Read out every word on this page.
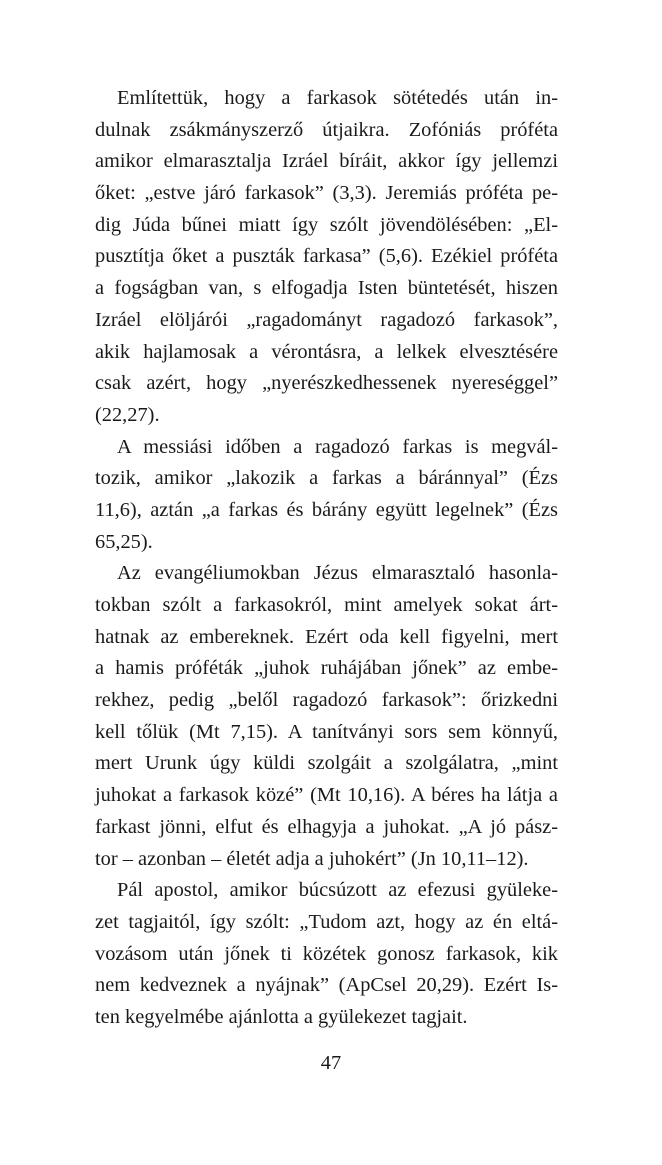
Említettük, hogy a farkasok sötétedés után in-
dulnak zsákmányszerző útjaikra. Zofóniás próféta
amikor elmarasztalja Izráel bíráit, akkor így jellemzi
őket: „estve járó farkasok” (3,3). Jeremiás próféta pe-
dig Júda bűnei miatt így szólt jövendölésében: „El-
pusztítja őket a puszták farkasa” (5,6). Ezékiel próféta
a fogságban van, s elfogadja Isten büntetését, hiszen
Izráel elöljárói „ragadományt ragadozó farkasok”,
akik hajlamosak a vérontásra, a lelkek elvesztésére
csak azért, hogy „nyerészkedhessenek nyereséggel”
(22,27).
A messiási időben a ragadozó farkas is megvál-
tozik, amikor „lakozik a farkas a báránnyal” (Ézs
11,6), aztán „a farkas és bárány együtt legelnek” (Ézs
65,25).
Az evangéliumokban Jézus elmarasztaló hasonla-
tokban szólt a farkasokról, mint amelyek sokat árt-
hatnak az embereknek. Ezért oda kell figyelni, mert
a hamis próféták „juhok ruhájában jőnek” az embe-
rekhez, pedig „belől ragadozó farkasok”: őrizkedni
kell tőlük (Mt 7,15). A tanítványi sors sem könnyű,
mert Urunk úgy küldi szolgáit a szolgálatra, „mint
juhokat a farkasok közé” (Mt 10,16). A béres ha látja a
farkast jönni, elfut és elhagyja a juhokat. „A jó pász-
tor – azonban – életét adja a juhokért” (Jn 10,11–12).
Pál apostol, amikor búcsúzott az efezusi gyüleke-
zet tagjaitól, így szólt: „Tudom azt, hogy az én eltá-
vozásom után jőnek ti közétek gonosz farkasok, kik
nem kedveznek a nyájnak” (ApCsel 20,29). Ezért Is-
ten kegyelmébe ajánlotta a gyülekezet tagjait.
47
